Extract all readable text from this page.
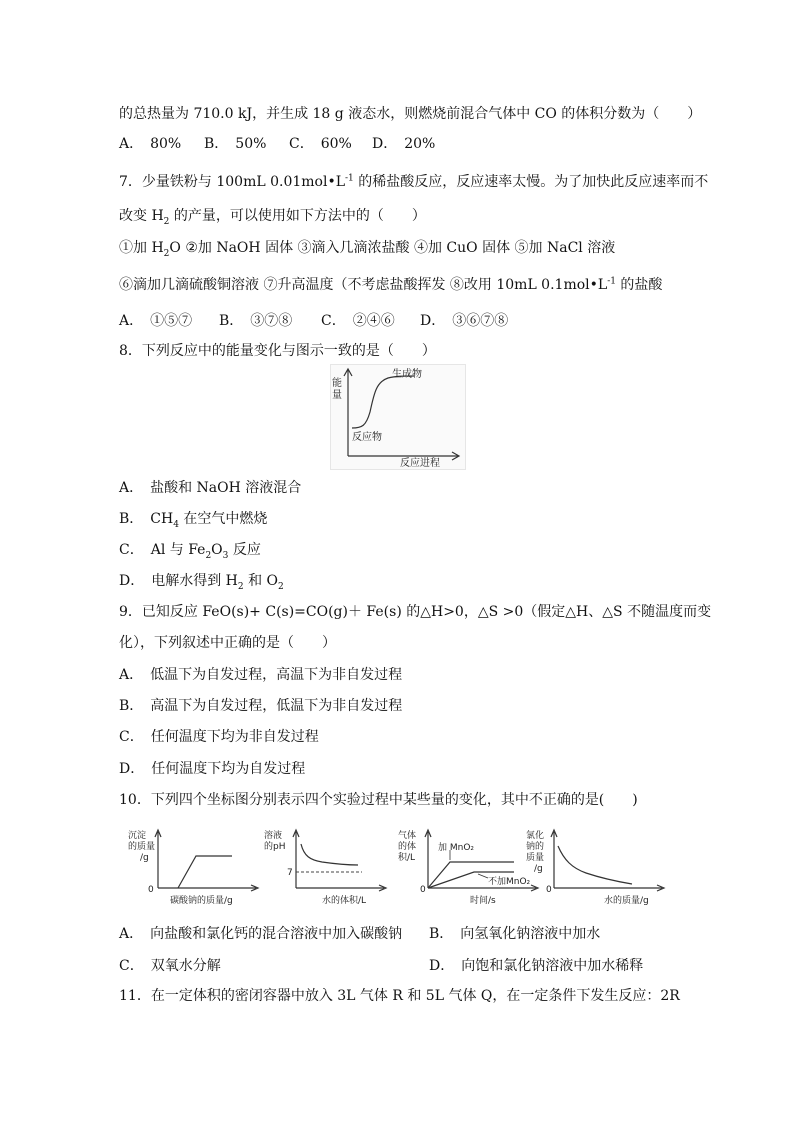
的总热量为 710.0 kJ，并生成 18 g 液态水，则燃烧前混合气体中 CO 的体积分数为（　　）
A．　80% B．　50% C．　60% D．　20%
7．少量铁粉与 100mL $0.01mol•L^{-1}$ 的稀盐酸反应，反应速率太慢。为了加快此反应速率而不
改变 $H_2$ 的产量，可以使用如下方法中的（　　）
①加 $H_2O$ ②加 NaOH 固体 ③滴入几滴浓盐酸 ④加 CuO 固体 ⑤加 NaCl 溶液
⑥滴加几滴硫酸铜溶液 ⑦升高温度（不考虑盐酸挥发 ⑧改用 10mL $0.1mol•L^{-1}$ 的盐酸
A．　①⑤⑦ B．　③⑦⑧ C．　②④⑥ D．　③⑥⑦⑧
8．下列反应中的能量变化与图示一致的是（　　）
能
量
生成物
反应物
反应进程
A．　盐酸和 NaOH 溶液混合
B．　$CH_4$ 在空气中燃烧
C．　Al 与 $Fe_2O_3$ 反应
D．　电解水得到 $H_2$ 和 $O_2$
9．已知反应 FeO(s)+ C(s)=CO(g)＋ Fe(s) 的△H>0，△S >0（假定△H、△S 不随温度而变
化），下列叙述中正确的是（　　）
A．　低温下为自发过程，高温下为非自发过程
B．　高温下为自发过程，低温下为非自发过程
C．　任何温度下均为非自发过程
D．　任何温度下均为自发过程
10．下列四个坐标图分别表示四个实验过程中某些量的变化，其中不正确的是(　　)
沉淀
的质量
/g
0
碳酸钠的质量/g
溶液
的pH
7
水的体积/L
气体
的体
积/L
0
加 MnO₂
不加MnO₂
时间/s
氯化
钠的
质量
/g
0
水的质量/g
A．　向盐酸和氯化钙的混合溶液中加入碳酸钠 B．　向氢氧化钠溶液中加水
C．　双氧水分解	D．　向饱和氯化钠溶液中加水稀释
11．在一定体积的密闭容器中放入 3L 气体 R 和 5L 气体 Q，在一定条件下发生反应：2R
